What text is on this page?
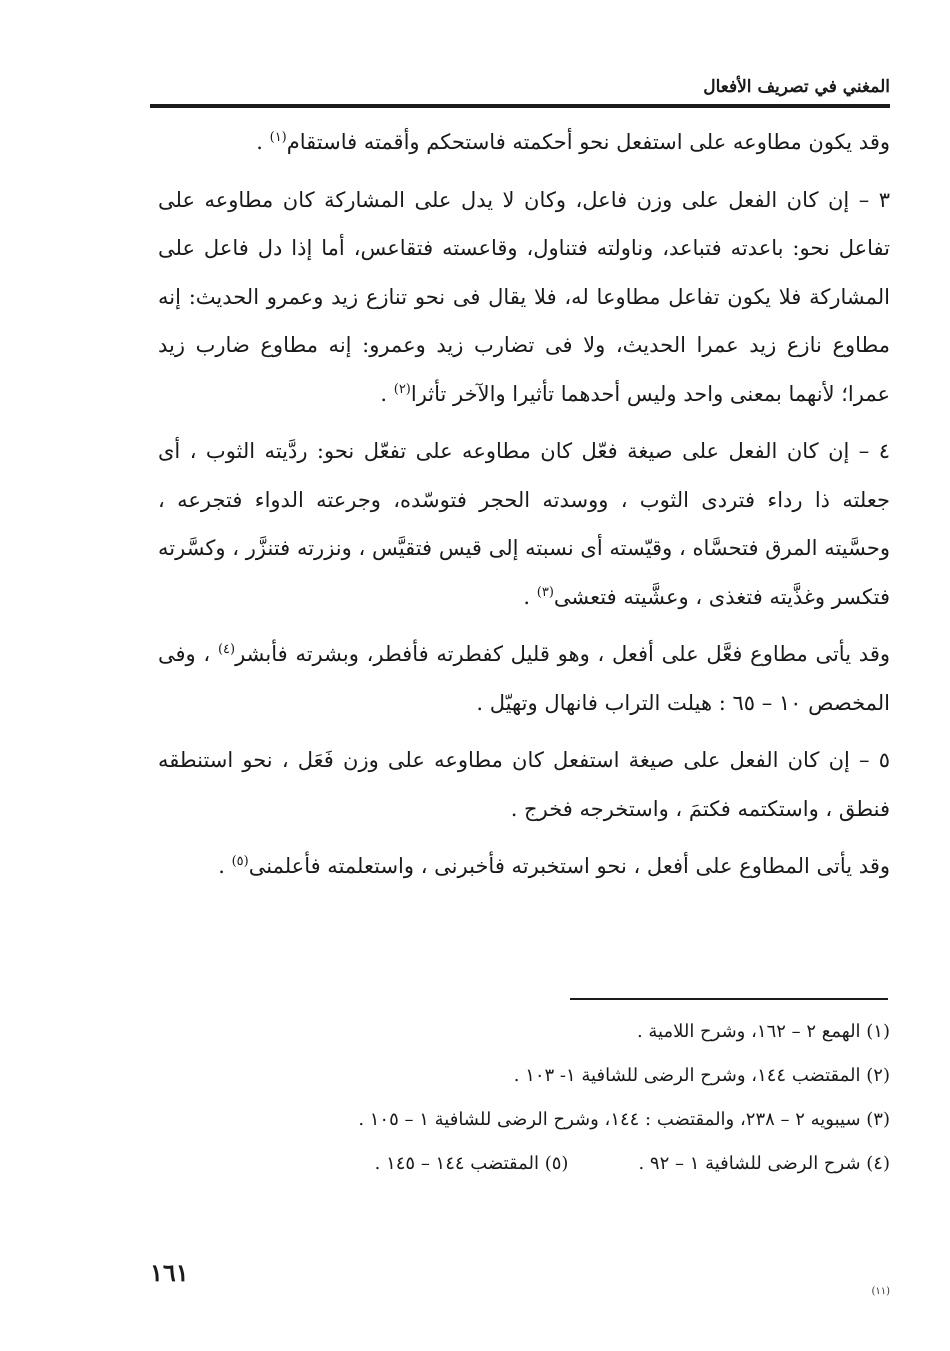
المغني في تصريف الأفعال

وقد يكون مطاوعه على استفعل نحو أحكمته فاستحكم وأقمته فاستقام$^{(١)}$ .

٣ – إن كان الفعل على وزن فاعل، وكان لا يدل على المشاركة كان مطاوعه على تفاعل نحو: باعدته فتباعد، وناولته فتناول، وقاعسته فتقاعس، أما إذا دل فاعل على المشاركة فلا يكون تفاعل مطاوعا له، فلا يقال فى نحو تنازع زيد وعمرو الحديث: إنه مطاوع نازع زيد عمرا الحديث، ولا فى تضارب زيد وعمرو: إنه مطاوع ضارب زيد عمرا؛ لأنهما بمعنى واحد وليس أحدهما تأثيرا والآخر تأثرا$^{(٢)}$ .

٤ – إن كان الفعل على صيغة فعّل كان مطاوعه على تفعّل نحو: ردَّيته الثوب ، أى جعلته ذا رداء فتردى الثوب ، ووسدته الحجر فتوسّده، وجرعته الدواء فتجرعه ، وحسَّيته المرق فتحسَّاه ، وقيّسته أى نسبته إلى قيس فتقيَّس ، ونزرته فتنزَّر ، وكسَّرته فتكسر وغذَّيته فتغذى ، وعشَّيته فتعشى$^{(٣)}$ .

وقد يأتى مطاوع فعَّل على أفعل ، وهو قليل كفطرته فأفطر، وبشرته فأبشر$^{(٤)}$ ، وفى المخصص ١٠ – ٦٥ : هيلت التراب فانهال وتهيّل .

٥ – إن كان الفعل على صيغة استفعل كان مطاوعه على وزن فَعَل ، نحو استنطقه فنطق ، واستكتمه فكتمَ ، واستخرجه فخرج .

وقد يأتى المطاوع على أفعل ، نحو استخبرته فأخبرنى ، واستعلمته فأعلمنى$^{(٥)}$ .

(١) الهمع ٢ – ١٦٢، وشرح اللامية .
(٢) المقتضب ١٤٤، وشرح الرضى للشافية ١- ١٠٣ .
(٣) سيبويه ٢ – ٢٣٨، والمقتضب : ١٤٤، وشرح الرضى للشافية ١ – ١٠٥ .
(٤) شرح الرضى للشافية ١ – ٩٢ .(٥) المقتضب ١٤٤ – ١٤٥ .
١٦١
(١١)
